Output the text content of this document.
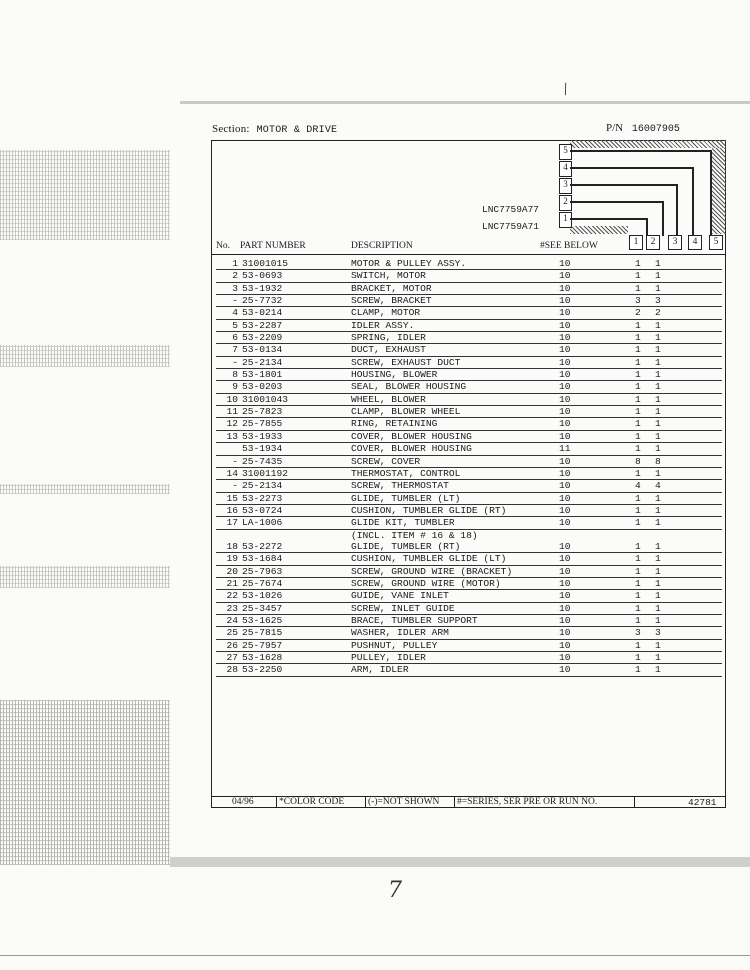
⁄
Section: MOTOR & DRIVE	P/N 16007905
5
4
3
2
1
LNC7759A77
LNC7759A71
1	2	3	4	5
No. PART NUMBER	DESCRIPTION	#SEE BELOW
1 31001015	MOTOR & PULLEY ASSY.	10	1 1
2 53-0693	SWITCH, MOTOR	10	1 1
3 53-1932	BRACKET, MOTOR	10	1 1
- 25-7732	SCREW, BRACKET	10	3 3
4 53-0214	CLAMP, MOTOR	10	2 2
5 53-2287	IDLER ASSY.	10	1 1
6 53-2209	SPRING, IDLER	10	1 1
7 53-0134	DUCT, EXHAUST	10	1 1
- 25-2134	SCREW, EXHAUST DUCT	10	1 1
8 53-1801	HOUSING, BLOWER	10	1 1
9 53-0203	SEAL, BLOWER HOUSING	10	1 1
10 31001043	WHEEL, BLOWER	10	1 1
11 25-7823	CLAMP, BLOWER WHEEL	10	1 1
12 25-7855	RING, RETAINING	10	1 1
13 53-1933	COVER, BLOWER HOUSING	10	1 1
53-1934	COVER, BLOWER HOUSING	11	1 1
- 25-7435	SCREW, COVER	10	8 8
14 31001192	THERMOSTAT, CONTROL	10	1 1
- 25-2134	SCREW, THERMOSTAT	10	4 4
15 53-2273	GLIDE, TUMBLER (LT)	10	1 1
16 53-0724	CUSHION, TUMBLER GLIDE (RT)	10	1 1
17 LA-1006	GLIDE KIT, TUMBLER	10	1 1
(INCL. ITEM # 16 & 18)
18 53-2272	GLIDE, TUMBLER (RT)	10	1 1
19 53-1684	CUSHION, TUMBLER GLIDE (LT)	10	1 1
20 25-7963	SCREW, GROUND WIRE (BRACKET)	10	1 1
21 25-7674	SCREW, GROUND WIRE (MOTOR)	10	1 1
22 53-1026	GUIDE, VANE INLET	10	1 1
23 25-3457	SCREW, INLET GUIDE	10	1 1
24 53-1625	BRACE, TUMBLER SUPPORT	10	1 1
25 25-7815	WASHER, IDLER ARM	10	3 3
26 25-7957	PUSHNUT, PULLEY	10	1 1
27 53-1628	PULLEY, IDLER	10	1 1
28 53-2250	ARM, IDLER	10	1 1
04/96	*COLOR CODE	(-)=NOT SHOWN #=SERIES, SER PRE OR RUN NO.	42781
7
